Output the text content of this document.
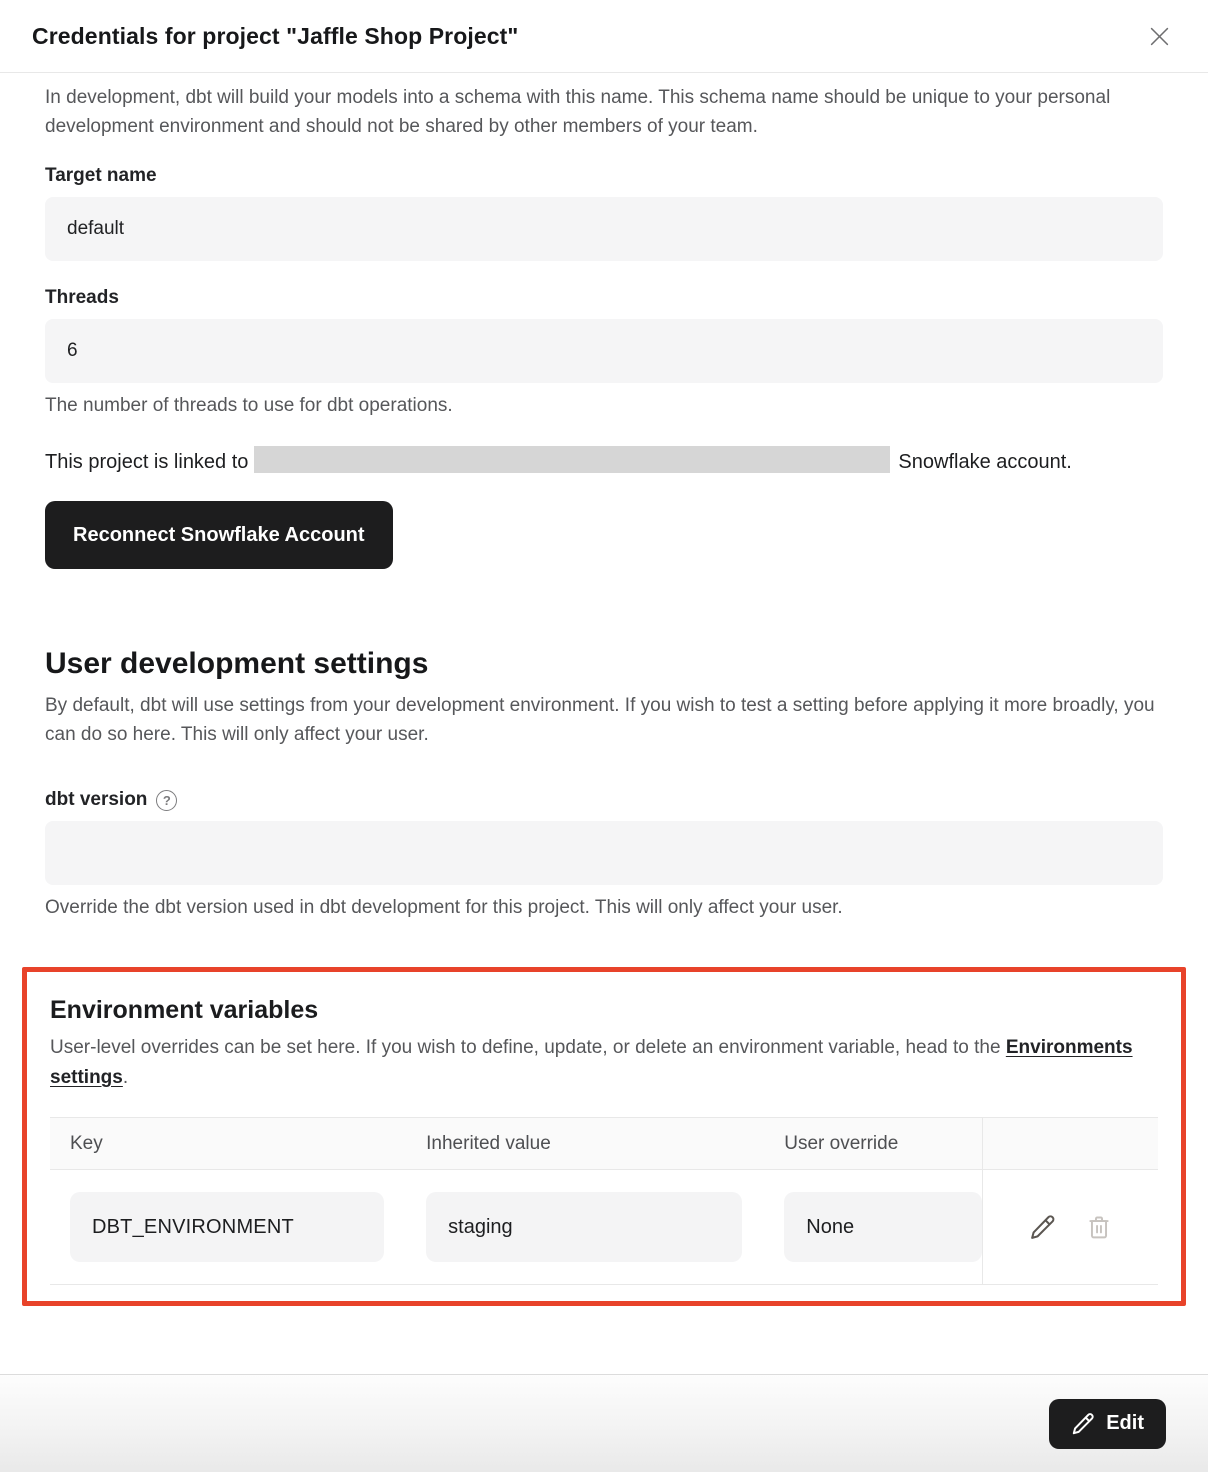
Credentials for project "Jaffle Shop Project"

In development, dbt will build your models into a schema with this name. This schema name should be unique to your personal development environment and should not be shared by other members of your team.

Target name
default
Threads
6
The number of threads to use for dbt operations.

This project is linked to	Snowflake account.

Reconnect Snowflake Account
User development settings

By default, dbt will use settings from your development environment. If you wish to test a setting before applying it more broadly, you can do so here. This will only affect your user.

dbt version	?
Override the dbt version used in dbt development for this project. This will only affect your user.
Environment variables

User-level overrides can be set here. If you wish to define, update, or delete an environment variable, head to the Environments settings.

Key	Inherited value	User override
DBT_ENVIRONMENT	staging	None
Edit
